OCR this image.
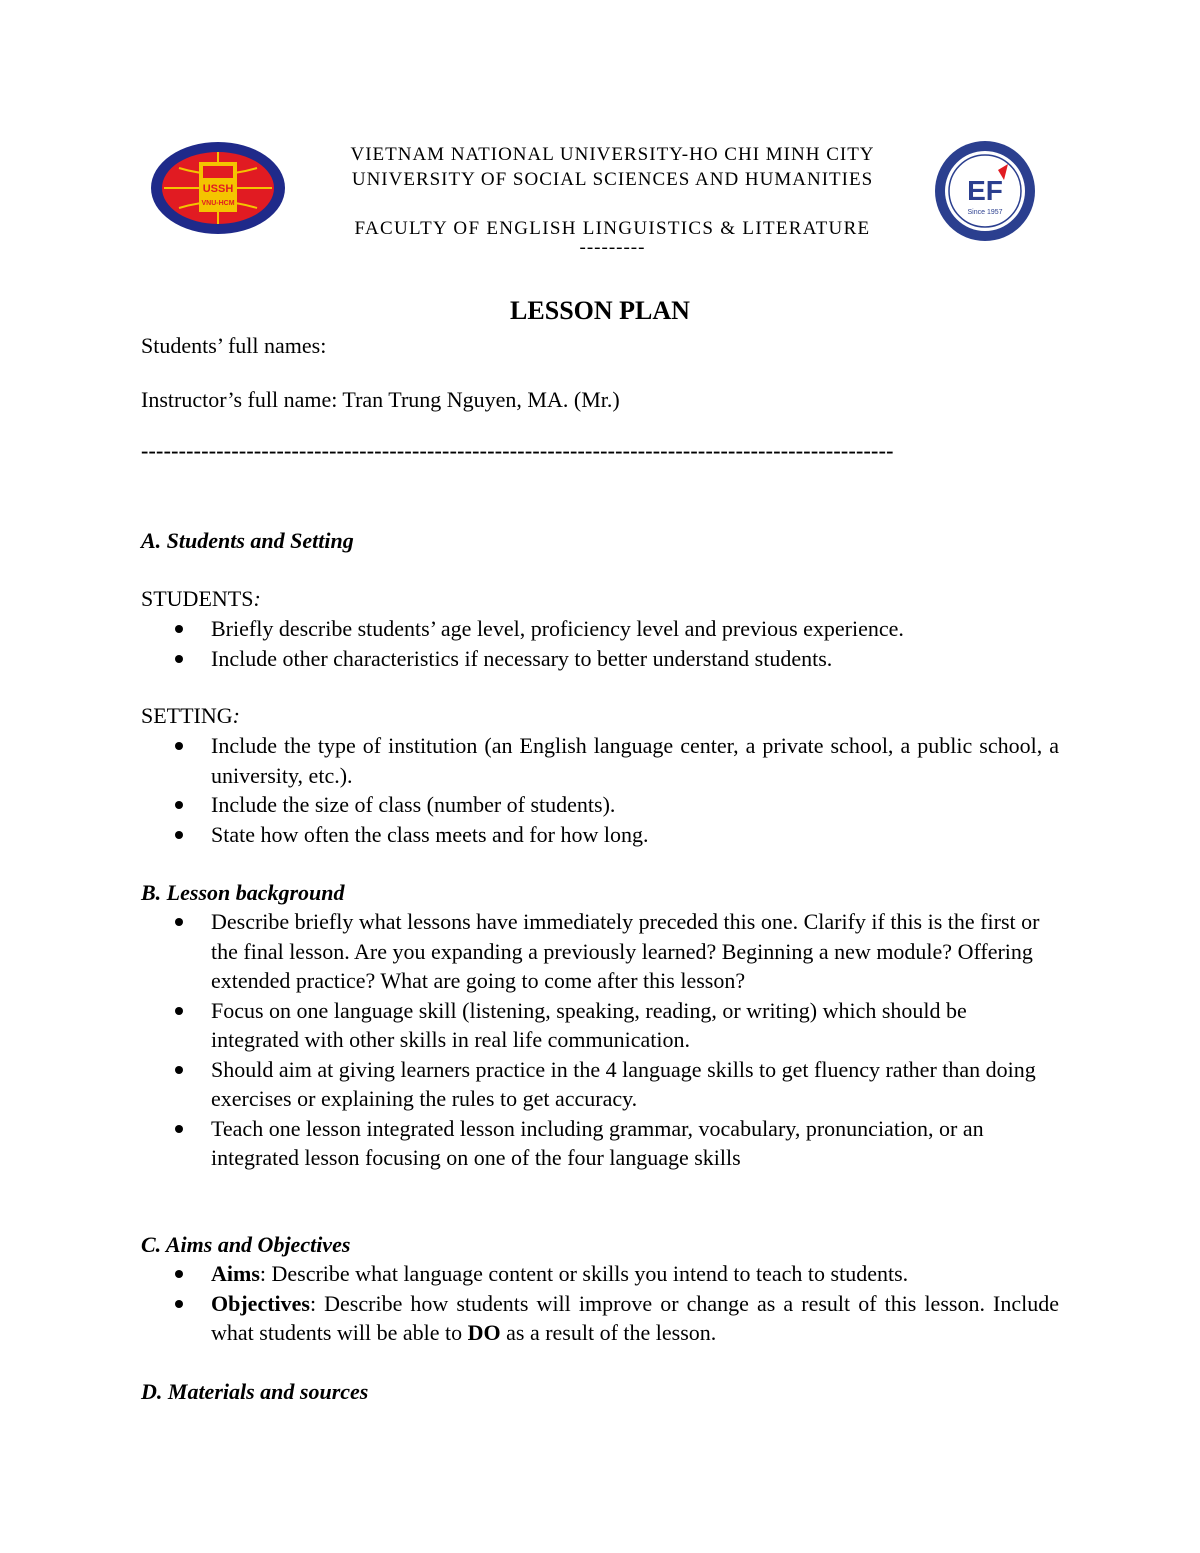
USSH
VNU-HCM
VIETNAM NATIONAL UNIVERSITY-HO CHI MINH CITY
UNIVERSITY OF SOCIAL SCIENCES AND HUMANITIES
FACULTY OF ENGLISH LINGUISTICS & LITERATURE
---------
EF
Since 1957
LESSON PLAN
Students’ full names:
Instructor’s full name: Tran Trung Nguyen, MA. (Mr.)
----------------------------------------------------------------------------------------------------
A. Students and Setting
STUDENTS:
Briefly describe students’ age level, proficiency level and previous experience.
Include other characteristics if necessary to better understand students.
SETTING:
Include the type of institution (an English language center, a private school, a public school, a university, etc.).
Include the size of class (number of students).
State how often the class meets and for how long.
B. Lesson background
Describe briefly what lessons have immediately preceded this one. Clarify if this is the first or the final lesson. Are you expanding a previously learned? Beginning a new module? Offering extended practice? What are going to come after this lesson?
Focus on one language skill (listening, speaking, reading, or writing) which should be integrated with other skills in real life communication.
Should aim at giving learners practice in the 4 language skills to get fluency rather than doing exercises or explaining the rules to get accuracy.
Teach one lesson integrated lesson including grammar, vocabulary, pronunciation, or an integrated lesson focusing on one of the four language skills
C. Aims and Objectives
Aims: Describe what language content or skills you intend to teach to students.
Objectives: Describe how students will improve or change as a result of this lesson. Include what students will be able to DO as a result of the lesson.
D. Materials and sources
